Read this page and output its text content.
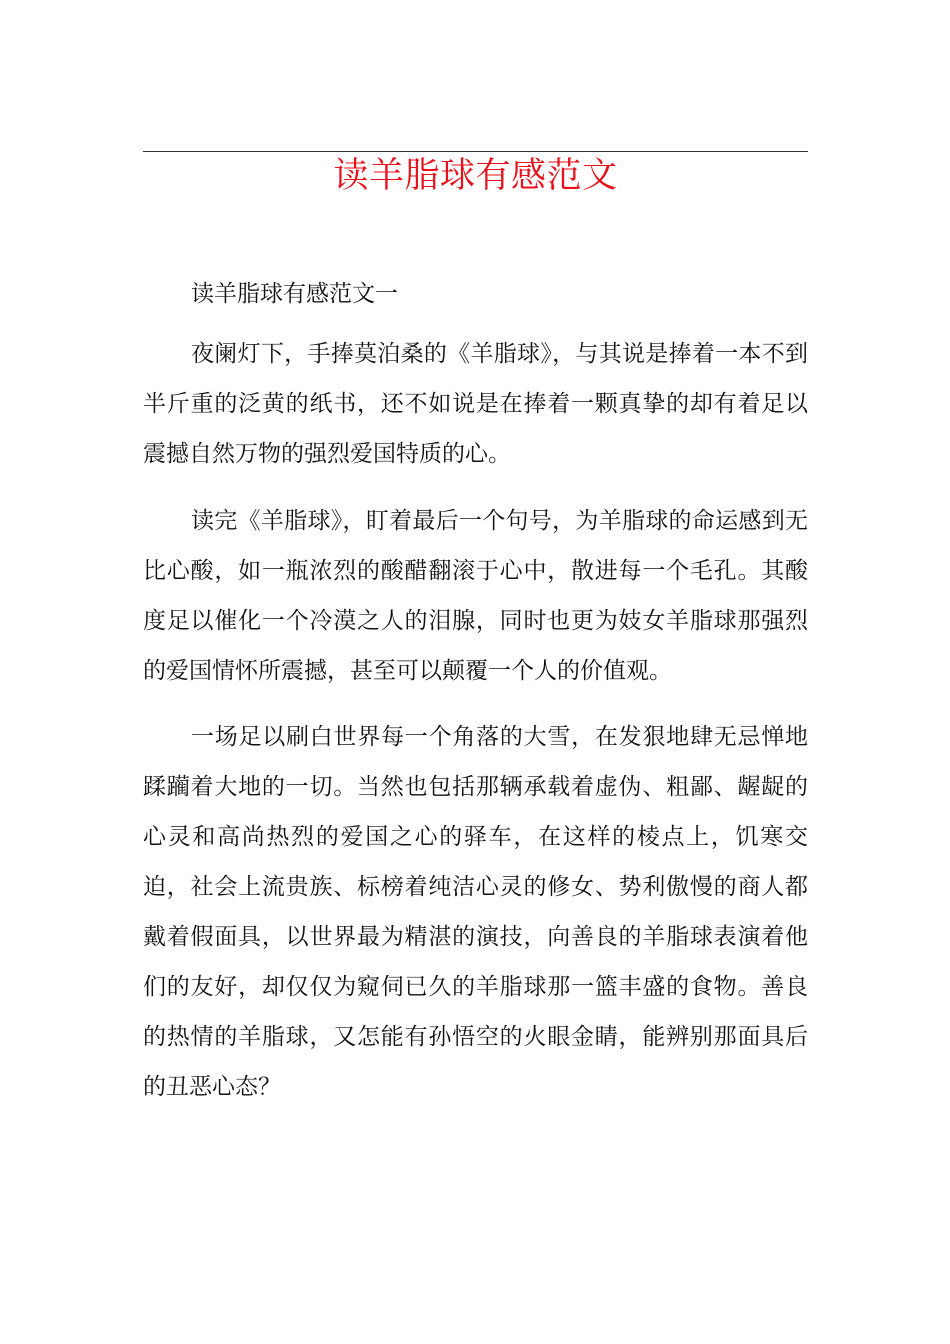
读羊脂球有感范文
读羊脂球有感范文一
夜阑灯下，手捧莫泊桑的《羊脂球》，与其说是捧着一本不到半斤重的泛黄的纸书，还不如说是在捧着一颗真挚的却有着足以震撼自然万物的强烈爱国特质的心。
读完《羊脂球》，盯着最后一个句号，为羊脂球的命运感到无比心酸，如一瓶浓烈的酸醋翻滚于心中，散进每一个毛孔。其酸度足以催化一个冷漠之人的泪腺，同时也更为妓女羊脂球那强烈的爱国情怀所震撼，甚至可以颠覆一个人的价值观。
一场足以刷白世界每一个角落的大雪，在发狠地肆无忌惮地蹂躏着大地的一切。当然也包括那辆承载着虚伪、粗鄙、龌龊的心灵和高尚热烈的爱国之心的驿车，在这样的棱点上，饥寒交迫，社会上流贵族、标榜着纯洁心灵的修女、势利傲慢的商人都戴着假面具，以世界最为精湛的演技，向善良的羊脂球表演着他们的友好，却仅仅为窥伺已久的羊脂球那一篮丰盛的食物。善良的热情的羊脂球，又怎能有孙悟空的火眼金睛，能辨别那面具后的丑恶心态？
